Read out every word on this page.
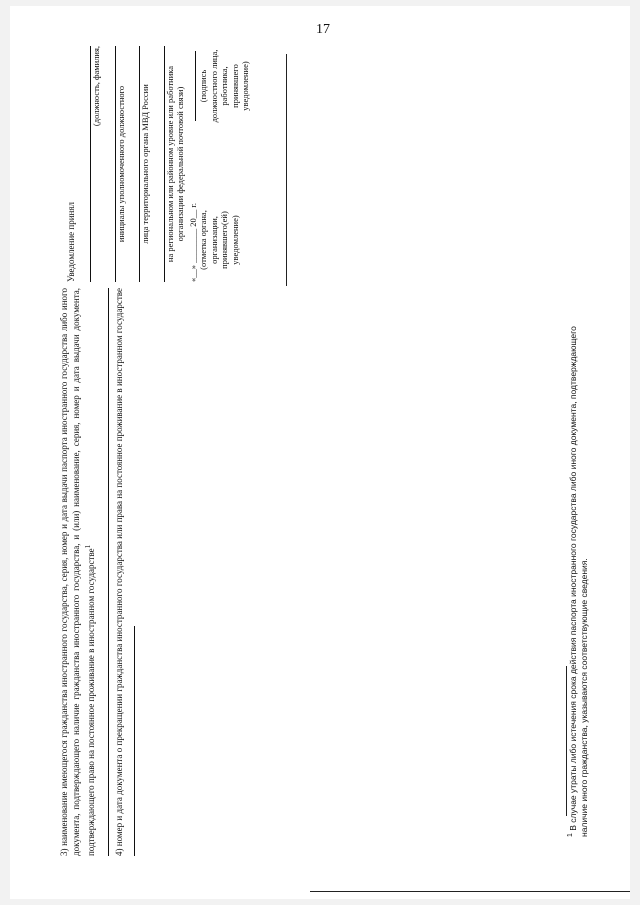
17

3) наименование имеющегося гражданства иностранного государства, серия, номер и дата выдачи паспорта иностранного государства либо иного документа, подтверждающего наличие гражданства иностранного государства, и (или) наименование, серия, номер и дата выдачи документа, подтверждающего право на постоянное проживание в иностранном государстве$^1$	4) номер и дата документа о прекращении гражданства иностранного государства или права на постоянное проживание в иностранном государстве

Уведомление принял
(должность, фамилия, инициалы уполномоченного должностного лица территориального органа МВД России на региональном или районном уровне или работника организации федеральной почтовой связи)
«__» ________ 20__ г. (отметка органа, организации, принявшего(ей) уведомление)
(подпись должностного лица, работника, принявшего уведомление)
$^1$ В случае утраты либо истечения срока действия паспорта иностранного государства либо иного документа, подтверждающего наличие иного гражданства, указываются соответствующие сведения.
